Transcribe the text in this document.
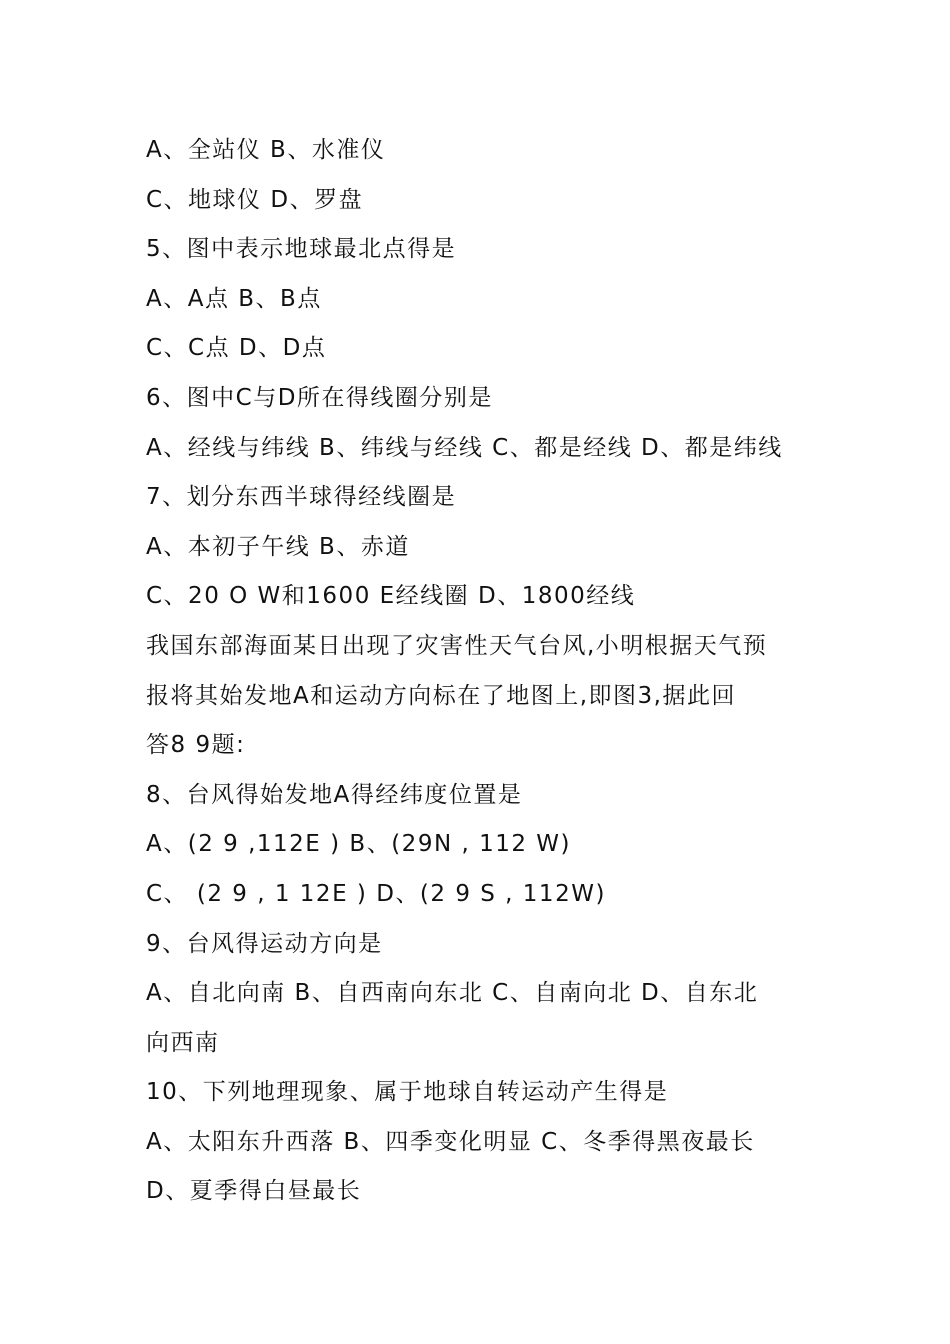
A、全站仪 B、水准仪
C、地球仪 D、罗盘
5、图中表示地球最北点得是
A、A点 B、B点
C、C点 D、D点
6、图中C与D所在得线圈分别是
A、经线与纬线 B、纬线与经线 C、都是经线 D、都是纬线
7、划分东西半球得经线圈是
A、本初子午线 B、赤道
C、20 O W和1600 E经线圈 D、1800经线
我国东部海面某日出现了灾害性天气台风,小明根据天气预
报将其始发地A和运动方向标在了地图上,即图3,据此回
答8 9题:
8、台风得始发地A得经纬度位置是
A、(2 9 ,112E ) B、(29N , 112 W)
C、 (2 9 , 1 12E ) D、(2 9 S , 112W)
9、台风得运动方向是
A、自北向南 B、自西南向东北 C、自南向北 D、自东北
向西南
10、下列地理现象、属于地球自转运动产生得是
A、太阳东升西落 B、四季变化明显 C、冬季得黑夜最长
D、夏季得白昼最长
